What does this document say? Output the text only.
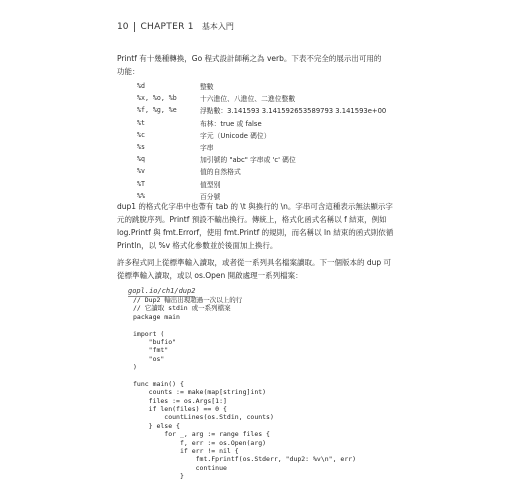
10 CHAPTER 1 基本入門
Printf 有十幾種轉換，Go 程式設計師稱之為 verb。下表不完全的展示出可用的
功能：
%d	整數
%x, %o, %b	十六進位、八進位、二進位整數
%f, %g, %e	浮點數：3.141593 3.141592653589793 3.141593e+00
%t	布林：true 或 false
%c	字元（Unicode 碼位）
%s	字串
%q	加引號的 "abc" 字串或 'c' 碼位
%v	值的自然格式
%T	值型別
%%	百分號
dup1 的格式化字串中也帶有 tab 的 \t 與換行的 \n。字串可含這種表示無法顯示字
元的跳脫序列。Printf 預設不輸出換行。傳統上，格式化函式名稱以 f 結束，例如
log.Printf 與 fmt.Errorf，使用 fmt.Printf 的規則，而名稱以 ln 結束的函式則依循
Println，以 %v 格式化參數並於後面加上換行。
許多程式同上從標準輸入讀取，或者從一系列具名檔案讀取。下一個版本的 dup 可
從標準輸入讀取，或以 os.Open 開啟處理一系列檔案：
gopl.io/ch1/dup2
// Dup2 輸出出現超過一次以上的行
// 它讀取 stdin 或一系列檔案
package main
import (
"bufio"
"fmt"
"os"
)
func main() {
counts := make(map[string]int)
files := os.Args[1:]
if len(files) == 0 {
countLines(os.Stdin, counts)
} else {
for _, arg := range files {
f, err := os.Open(arg)
if err != nil {
fmt.Fprintf(os.Stderr, "dup2: %v\n", err)
continue
}
